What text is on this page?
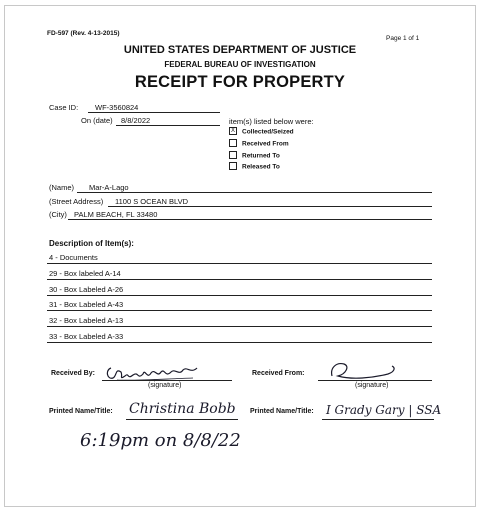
FD-597 (Rev. 4-13-2015)
Page 1 of 1
UNITED STATES DEPARTMENT OF JUSTICE
FEDERAL BUREAU OF INVESTIGATION
RECEIPT FOR PROPERTY
Case ID: WF-3560824
On (date) 8/8/2022	item(s) listed below were:
X Collected/Seized
Received From
Returned To
Released To
(Name) Mar-A-Lago
(Street Address) 1100 S OCEAN BLVD
(City) PALM BEACH, FL 33480
Description of Item(s):
4 - Documents
29 - Box labeled A-14
30 - Box Labeled A-26
31 - Box Labeled A-43
32 - Box Labeled A-13
33 - Box Labeled A-33
Received By:
(signature)
Received From:
(signature)
Printed Name/Title: Christina Bobb Printed Name/Title: I Grady Gary | SSA
6:19pm on 8/8/22
